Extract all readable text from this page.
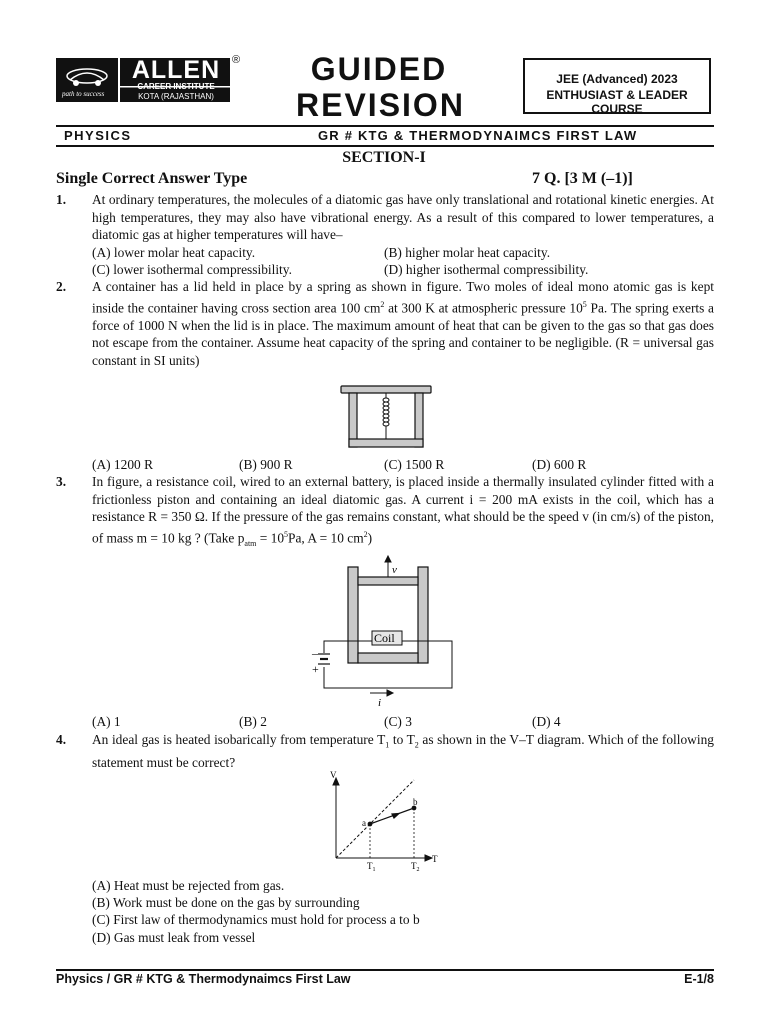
ALLEN
CAREER INSTITUTE
KOTA (RAJASTHAN)
path to success
®	GUIDED
REVISION
JEE (Advanced) 2023
ENTHUSIAST & LEADER COURSE
PHYSICS	GR # KTG & THERMODYNAIMCS FIRST LAW
SECTION-I
Single Correct Answer Type	7 Q. [3 M (–1)]
1. At ordinary temperatures, the molecules of a diatomic gas have only translational and rotational kinetic energies. At high temperatures, they may also have vibrational energy. As a result of this compared to lower temperatures, a diatomic gas at higher temperatures will have–
(A) lower molar heat capacity.	(B) higher molar heat capacity.
(C) lower isothermal compressibility.	(D) higher isothermal compressibility.
2. A container has a lid held in place by a spring as shown in figure. Two moles of ideal mono atomic gas is kept inside the container having cross section area 100 $cm^2$ at 300 K at atmospheric pressure $10^5$ Pa. The spring exerts a force of 1000 N when the lid is in place. The maximum amount of heat that can be given to the gas so that gas does not escape from the container. Assume heat capacity of the spring and container to be negligible. (R = universal gas constant in SI units)
(A) 1200 R	(B) 900 R	(C) 1500 R	(D) 600 R
3. In figure, a resistance coil, wired to an external battery, is placed inside a thermally insulated cylinder fitted with a frictionless piston and containing an ideal diatomic gas. A current i = 200 mA exists in the coil, which has a resistance R = 350 Ω. If the pressure of the gas remains constant, what should be the speed v (in cm/s) of the piston, of mass m = 10 kg ? (Take $p_{atm} = 10^5Pa$, A = 10 $cm^2$)
v
Coil
–
+
i
(A) 1	(B) 2	(C) 3	(D) 4
4. An ideal gas is heated isobarically from temperature $T_1$ to $T_2$ as shown in the V–T diagram. Which of the following statement must be correct?
V
T
a
b
$T_1$	$T_2$
(A) Heat must be rejected from gas.
(B) Work must be done on the gas by surrounding
(C) First law of thermodynamics must hold for process a to b
(D) Gas must leak from vessel
Physics / GR # KTG & Thermodynaimcs First Law	E-1/8
